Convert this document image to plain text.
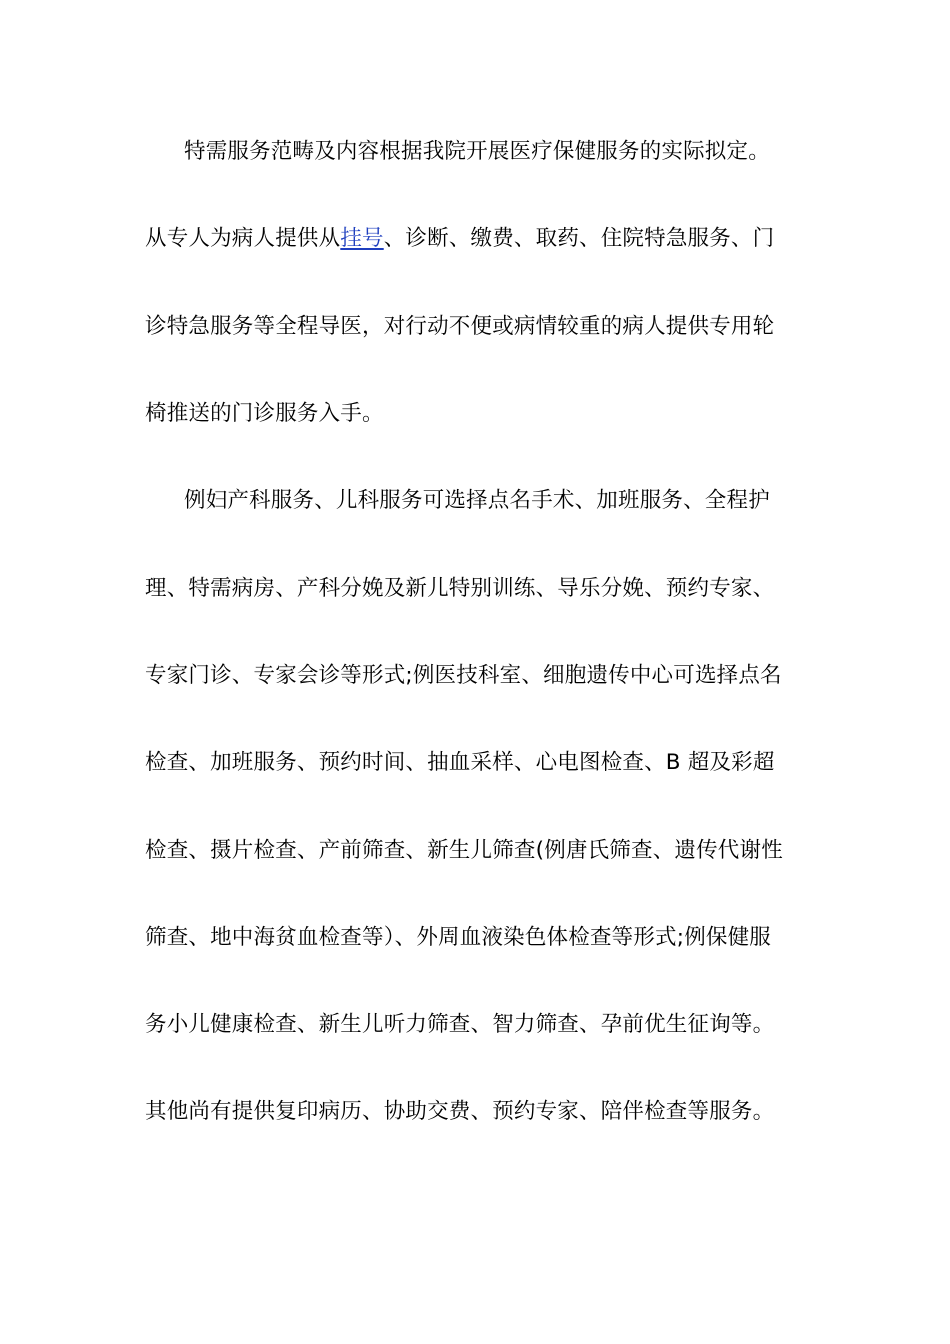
特需服务范畴及内容根据我院开展医疗保健服务的实际拟定。
从专人为病人提供从挂号、诊断、缴费、取药、住院特急服务、门
诊特急服务等全程导医，对行动不便或病情较重的病人提供专用轮
椅推送的门诊服务入手。
例妇产科服务、儿科服务可选择点名手术、加班服务、全程护
理、特需病房、产科分娩及新儿特别训练、导乐分娩、预约专家、
专家门诊、专家会诊等形式;例医技科室、细胞遗传中心可选择点名
检查、加班服务、预约时间、抽血采样、心电图检查、B 超及彩超
检查、摄片检查、产前筛查、新生儿筛查(例唐氏筛查、遗传代谢性
筛查、地中海贫血检查等）、外周血液染色体检查等形式;例保健服
务小儿健康检查、新生儿听力筛查、智力筛查、孕前优生征询等。
其他尚有提供复印病历、协助交费、预约专家、陪伴检查等服务。
